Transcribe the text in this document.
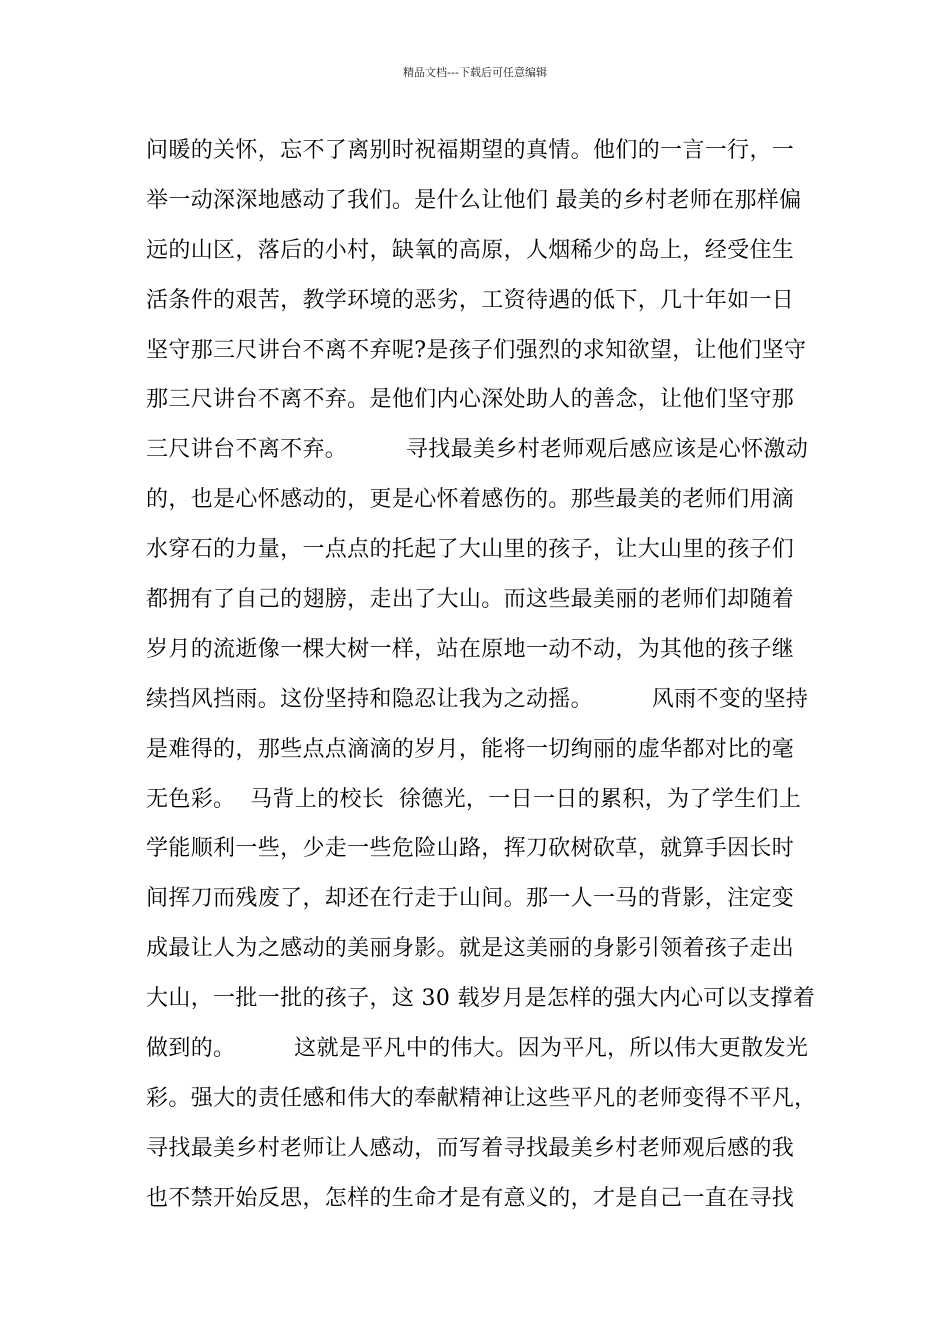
精品文档---下载后可任意编辑
问暖的关怀，忘不了离别时祝福期望的真情。他们的一言一行，一
举一动深深地感动了我们。是什么让他们 最美的乡村老师在那样偏
远的山区，落后的小村，缺氧的高原，人烟稀少的岛上，经受住生
活条件的艰苦，教学环境的恶劣，工资待遇的低下，几十年如一日
坚守那三尺讲台不离不弃呢?是孩子们强烈的求知欲望，让他们坚守
那三尺讲台不离不弃。是他们内心深处助人的善念，让他们坚守那
三尺讲台不离不弃。        寻找最美乡村老师观后感应该是心怀激动
的，也是心怀感动的，更是心怀着感伤的。那些最美的老师们用滴
水穿石的力量，一点点的托起了大山里的孩子，让大山里的孩子们
都拥有了自己的翅膀，走出了大山。而这些最美丽的老师们却随着
岁月的流逝像一棵大树一样，站在原地一动不动，为其他的孩子继
续挡风挡雨。这份坚持和隐忍让我为之动摇。        风雨不变的坚持
是难得的，那些点点滴滴的岁月，能将一切绚丽的虚华都对比的毫
无色彩。  马背上的校长  徐德光，一日一日的累积，为了学生们上
学能顺利一些，少走一些危险山路，挥刀砍树砍草，就算手因长时
间挥刀而残废了，却还在行走于山间。那一人一马的背影，注定变
成最让人为之感动的美丽身影。就是这美丽的身影引领着孩子走出
大山，一批一批的孩子，这 30 载岁月是怎样的强大内心可以支撑着
做到的。        这就是平凡中的伟大。因为平凡，所以伟大更散发光
彩。强大的责任感和伟大的奉献精神让这些平凡的老师变得不平凡，
寻找最美乡村老师让人感动，而写着寻找最美乡村老师观后感的我
也不禁开始反思，怎样的生命才是有意义的，才是自己一直在寻找
